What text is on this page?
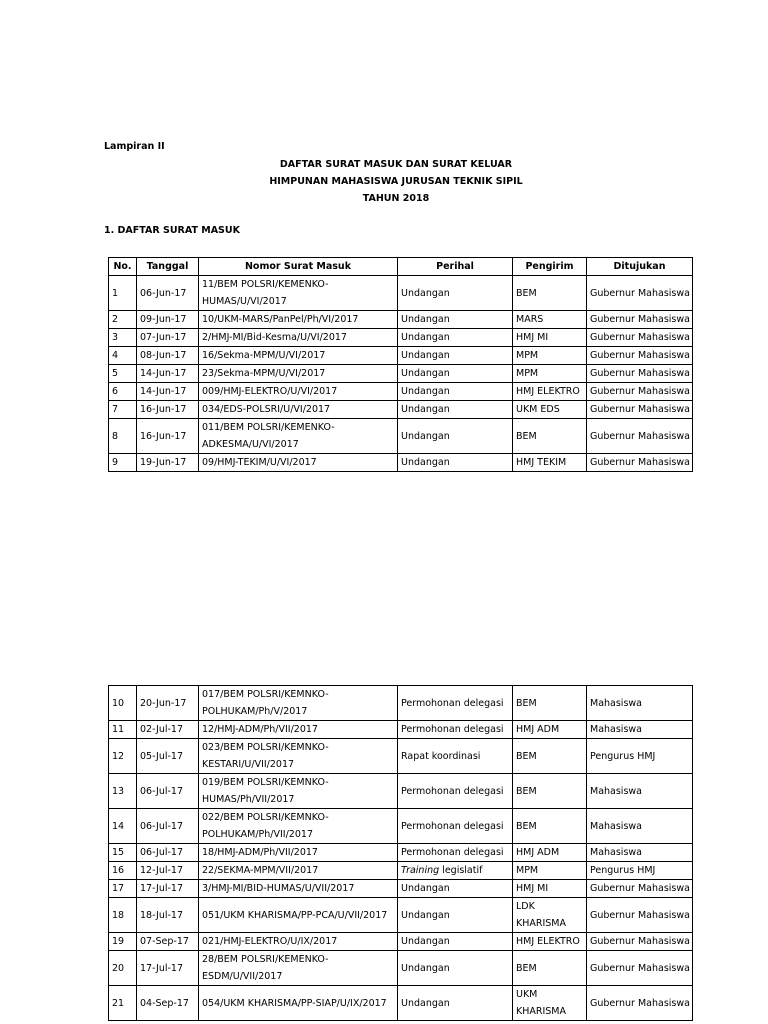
Lampiran II
DAFTAR SURAT MASUK DAN SURAT KELUAR
HIMPUNAN MAHASISWA JURUSAN TEKNIK SIPIL
TAHUN 2018
1. DAFTAR SURAT MASUK
No.	Tanggal	Nomor Surat Masuk	Perihal	Pengirim	Ditujukan
1	06-Jun-17	11/BEM POLSRI/KEMENKO-HUMAS/U/VI/2017	Undangan	BEM	Gubernur Mahasiswa
2	09-Jun-17	10/UKM-MARS/PanPel/Ph/VI/2017	Undangan	MARS	Gubernur Mahasiswa
3	07-Jun-17	2/HMJ-MI/Bid-Kesma/U/VI/2017	Undangan	HMJ MI	Gubernur Mahasiswa
4	08-Jun-17	16/Sekma-MPM/U/VI/2017	Undangan	MPM	Gubernur Mahasiswa
5	14-Jun-17	23/Sekma-MPM/U/VI/2017	Undangan	MPM	Gubernur Mahasiswa
6	14-Jun-17	009/HMJ-ELEKTRO/U/VI/2017	Undangan	HMJ ELEKTRO	Gubernur Mahasiswa
7	16-Jun-17	034/EDS-POLSRI/U/VI/2017	Undangan	UKM EDS	Gubernur Mahasiswa
8	16-Jun-17	011/BEM POLSRI/KEMENKO-ADKESMA/U/VI/2017	Undangan	BEM	Gubernur Mahasiswa
9	19-Jun-17	09/HMJ-TEKIM/U/VI/2017	Undangan	HMJ TEKIM	Gubernur Mahasiswa
10	20-Jun-17	017/BEM POLSRI/KEMNKO-POLHUKAM/Ph/V/2017	Permohonan delegasi	BEM	Mahasiswa
11	02-Jul-17	12/HMJ-ADM/Ph/VII/2017	Permohonan delegasi	HMJ ADM	Mahasiswa
12	05-Jul-17	023/BEM POLSRI/KEMNKO-KESTARI/U/VII/2017	Rapat koordinasi	BEM	Pengurus HMJ
13	06-Jul-17	019/BEM POLSRI/KEMNKO-HUMAS/Ph/VII/2017	Permohonan delegasi	BEM	Mahasiswa
14	06-Jul-17	022/BEM POLSRI/KEMNKO-POLHUKAM/Ph/VII/2017	Permohonan delegasi	BEM	Mahasiswa
15	06-Jul-17	18/HMJ-ADM/Ph/VII/2017	Permohonan delegasi	HMJ ADM	Mahasiswa
16	12-Jul-17	22/SEKMA-MPM/VII/2017	Training legislatif	MPM	Pengurus HMJ
17	17-Jul-17	3/HMJ-MI/BID-HUMAS/U/VII/2017	Undangan	HMJ MI	Gubernur Mahasiswa
18	18-Jul-17	051/UKM KHARISMA/PP-PCA/U/VII/2017	Undangan	LDK KHARISMA	Gubernur Mahasiswa
19	07-Sep-17	021/HMJ-ELEKTRO/U/IX/2017	Undangan	HMJ ELEKTRO	Gubernur Mahasiswa
20	17-Jul-17	28/BEM POLSRI/KEMENKO-ESDM/U/VII/2017	Undangan	BEM	Gubernur Mahasiswa
21	04-Sep-17	054/UKM KHARISMA/PP-SIAP/U/IX/2017	Undangan	UKM KHARISMA	Gubernur Mahasiswa
